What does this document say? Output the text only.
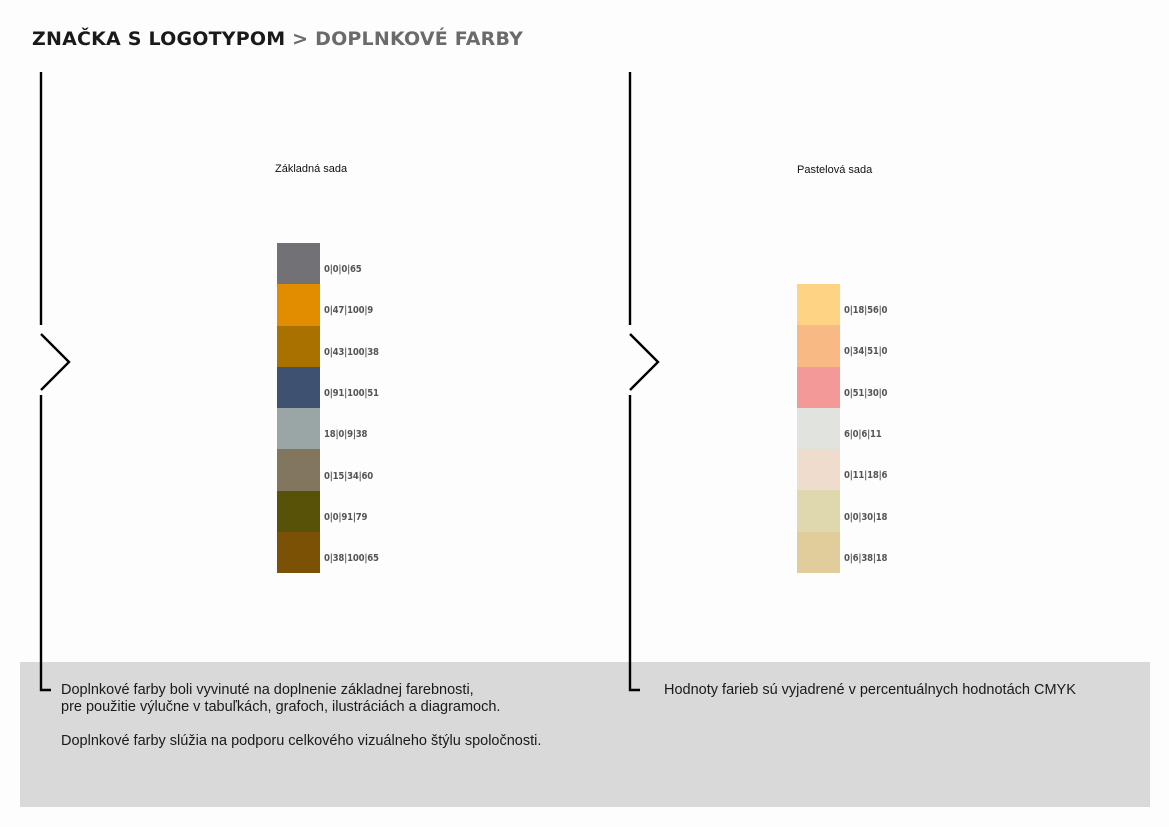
ZNAČKA S LOGOTYPOM > DOPLNKOVÉ FARBY
Základná sada	Pastelová sada
0|0|0|65
0|47|100|9
0|43|100|38
0|91|100|51
18|0|9|38
0|15|34|60
0|0|91|79
0|38|100|65
0|18|56|0
0|34|51|0
0|51|30|0
6|0|6|11
0|11|18|6
0|0|30|18
0|6|38|18

Doplnkové farby boli vyvinuté na doplnenie základnej farebnosti,

pre použitie výlučne v tabuľkách, grafoch, ilustráciách a diagramoch.

Doplnkové farby slúžia na podporu celkového vizuálneho štýlu spoločnosti.

Hodnoty farieb sú vyjadrené v percentuálnych hodnotách CMYK
